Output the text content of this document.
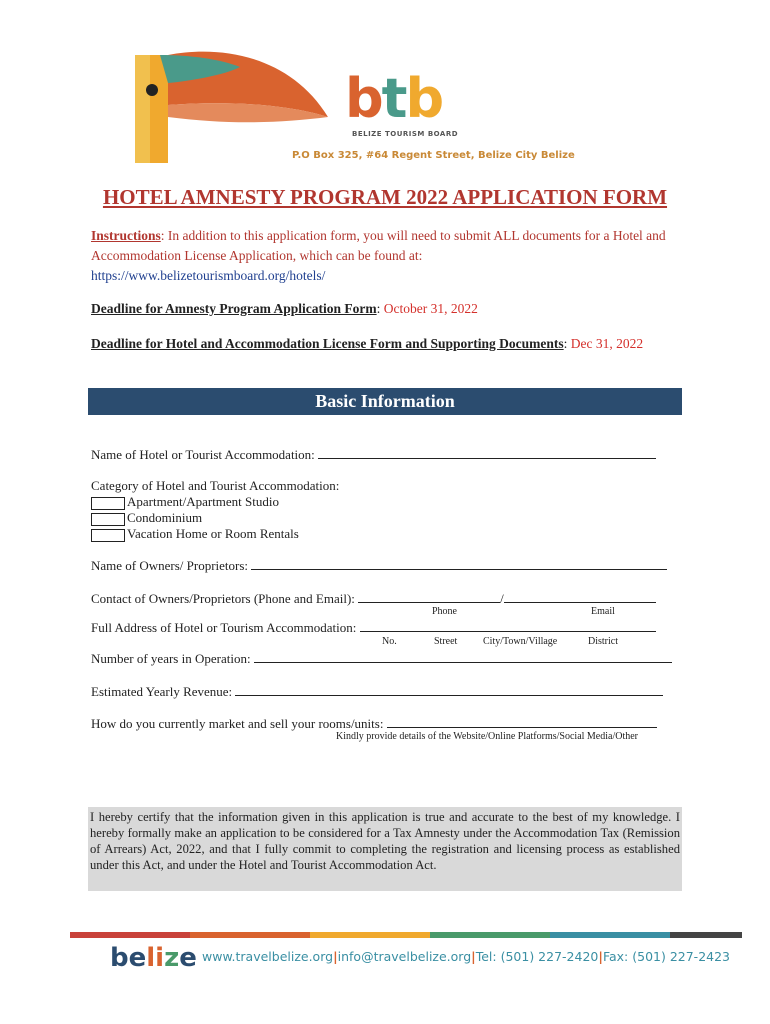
btb
BELIZE TOURISM BOARD
P.O Box 325, #64 Regent Street, Belize City Belize
HOTEL AMNESTY PROGRAM 2022 APPLICATION FORM
Instructions: In addition to this application form, you will need to submit ALL documents for a Hotel and Accommodation License Application, which can be found at:
https://www.belizetourismboard.org/hotels/
Deadline for Amnesty Program Application Form: October 31, 2022
Deadline for Hotel and Accommodation License Form and Supporting Documents: Dec 31, 2022
Basic Information
Name of Hotel or Tourist Accommodation:
Category of Hotel and Tourist Accommodation:
Apartment/Apartment Studio
Condominium
Vacation Home or Room Rentals
Name of Owners/ Proprietors:
Contact of Owners/Proprietors (Phone and Email):	/
Phone	Email
Full Address of Hotel or Tourism Accommodation:
No.	Street	City/Town/Village	District
Number of years in Operation:
Estimated Yearly Revenue:
How do you currently market and sell your rooms/units:
Kindly provide details of the Website/Online Platforms/Social Media/Other
I hereby certify that the information given in this application is true and accurate to the best of my knowledge. I hereby formally make an application to be considered for a Tax Amnesty under the Accommodation Tax (Remission of Arrears) Act, 2022, and that I fully commit to completing the registration and licensing process as established under this Act, and under the Hotel and Tourist Accommodation Act.
belize www.travelbelize.org|info@travelbelize.org|Tel: (501) 227-2420|Fax: (501) 227-2423
